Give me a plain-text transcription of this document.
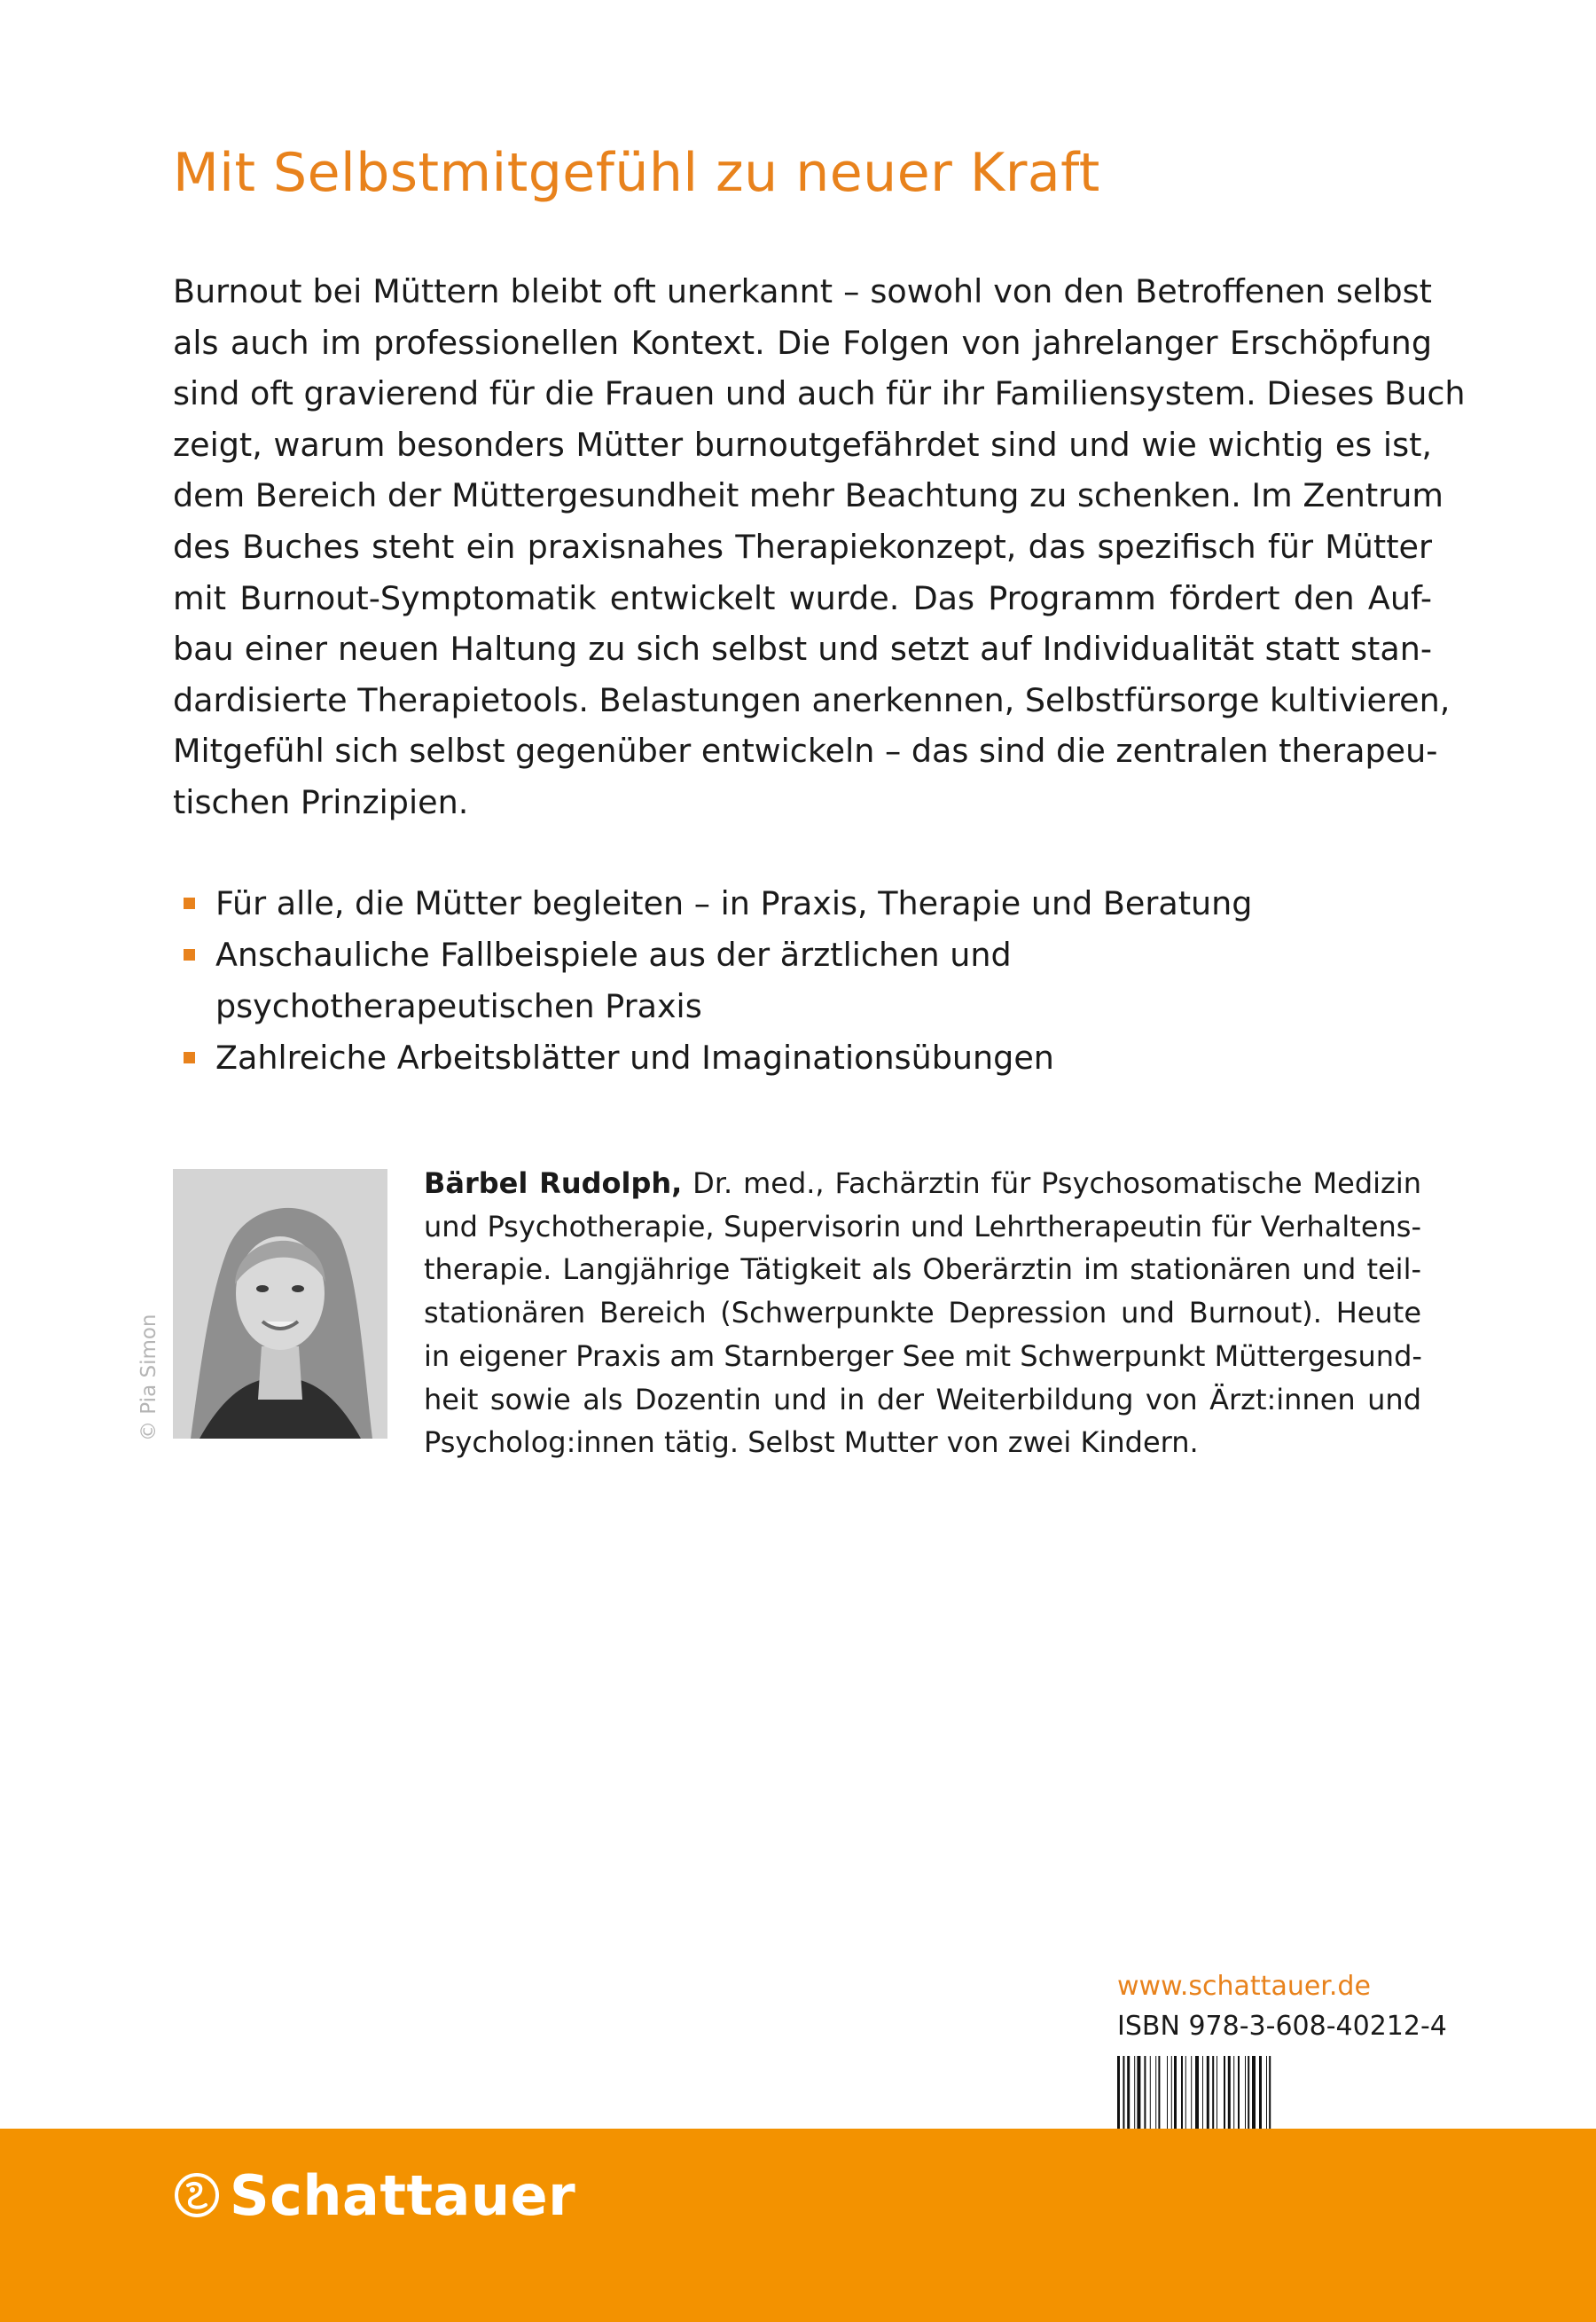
Mit Selbstmitgefühl zu neuer Kraft
Burnout bei Müttern bleibt oft unerkannt – sowohl von den Betroffenen selbst
als auch im professionellen Kontext. Die Folgen von jahrelanger Erschöpfung
sind oft gravierend für die Frauen und auch für ihr Familiensystem. Dieses Buch
zeigt, warum besonders Mütter burnoutgefährdet sind und wie wichtig es ist,
dem Bereich der Müttergesundheit mehr Beachtung zu schenken. Im Zentrum
des Buches steht ein praxisnahes Therapiekonzept, das spezifisch für Mütter
mit Burnout-Symptomatik entwickelt wurde. Das Programm fördert den Auf-
bau einer neuen Haltung zu sich selbst und setzt auf Individualität statt stan-
dardisierte Therapietools. Belastungen anerkennen, Selbstfürsorge kultivieren,
Mitgefühl sich selbst gegenüber entwickeln – das sind die zentralen therapeu-
tischen Prinzipien.
Für alle, die Mütter begleiten – in Praxis, Therapie und Beratung
Anschauliche Fallbeispiele aus der ärztlichen und
psychotherapeutischen Praxis
Zahlreiche Arbeitsblätter und Imaginationsübungen
© Pia Simon
Bärbel Rudolph, Dr. med., Fachärztin für Psychosomatische Medizin
und Psychotherapie, Supervisorin und Lehrtherapeutin für Verhaltens-
therapie. Langjährige Tätigkeit als Oberärztin im stationären und teil-
stationären Bereich (Schwerpunkte Depression und Burnout). Heute
in eigener Praxis am Starnberger See mit Schwerpunkt Müttergesund-
heit sowie als Dozentin und in der Weiterbildung von Ärzt:innen und
Psycholog:innen tätig. Selbst Mutter von zwei Kindern.
www.schattauer.de
ISBN 978-3-608-40212-4
Schattauer
